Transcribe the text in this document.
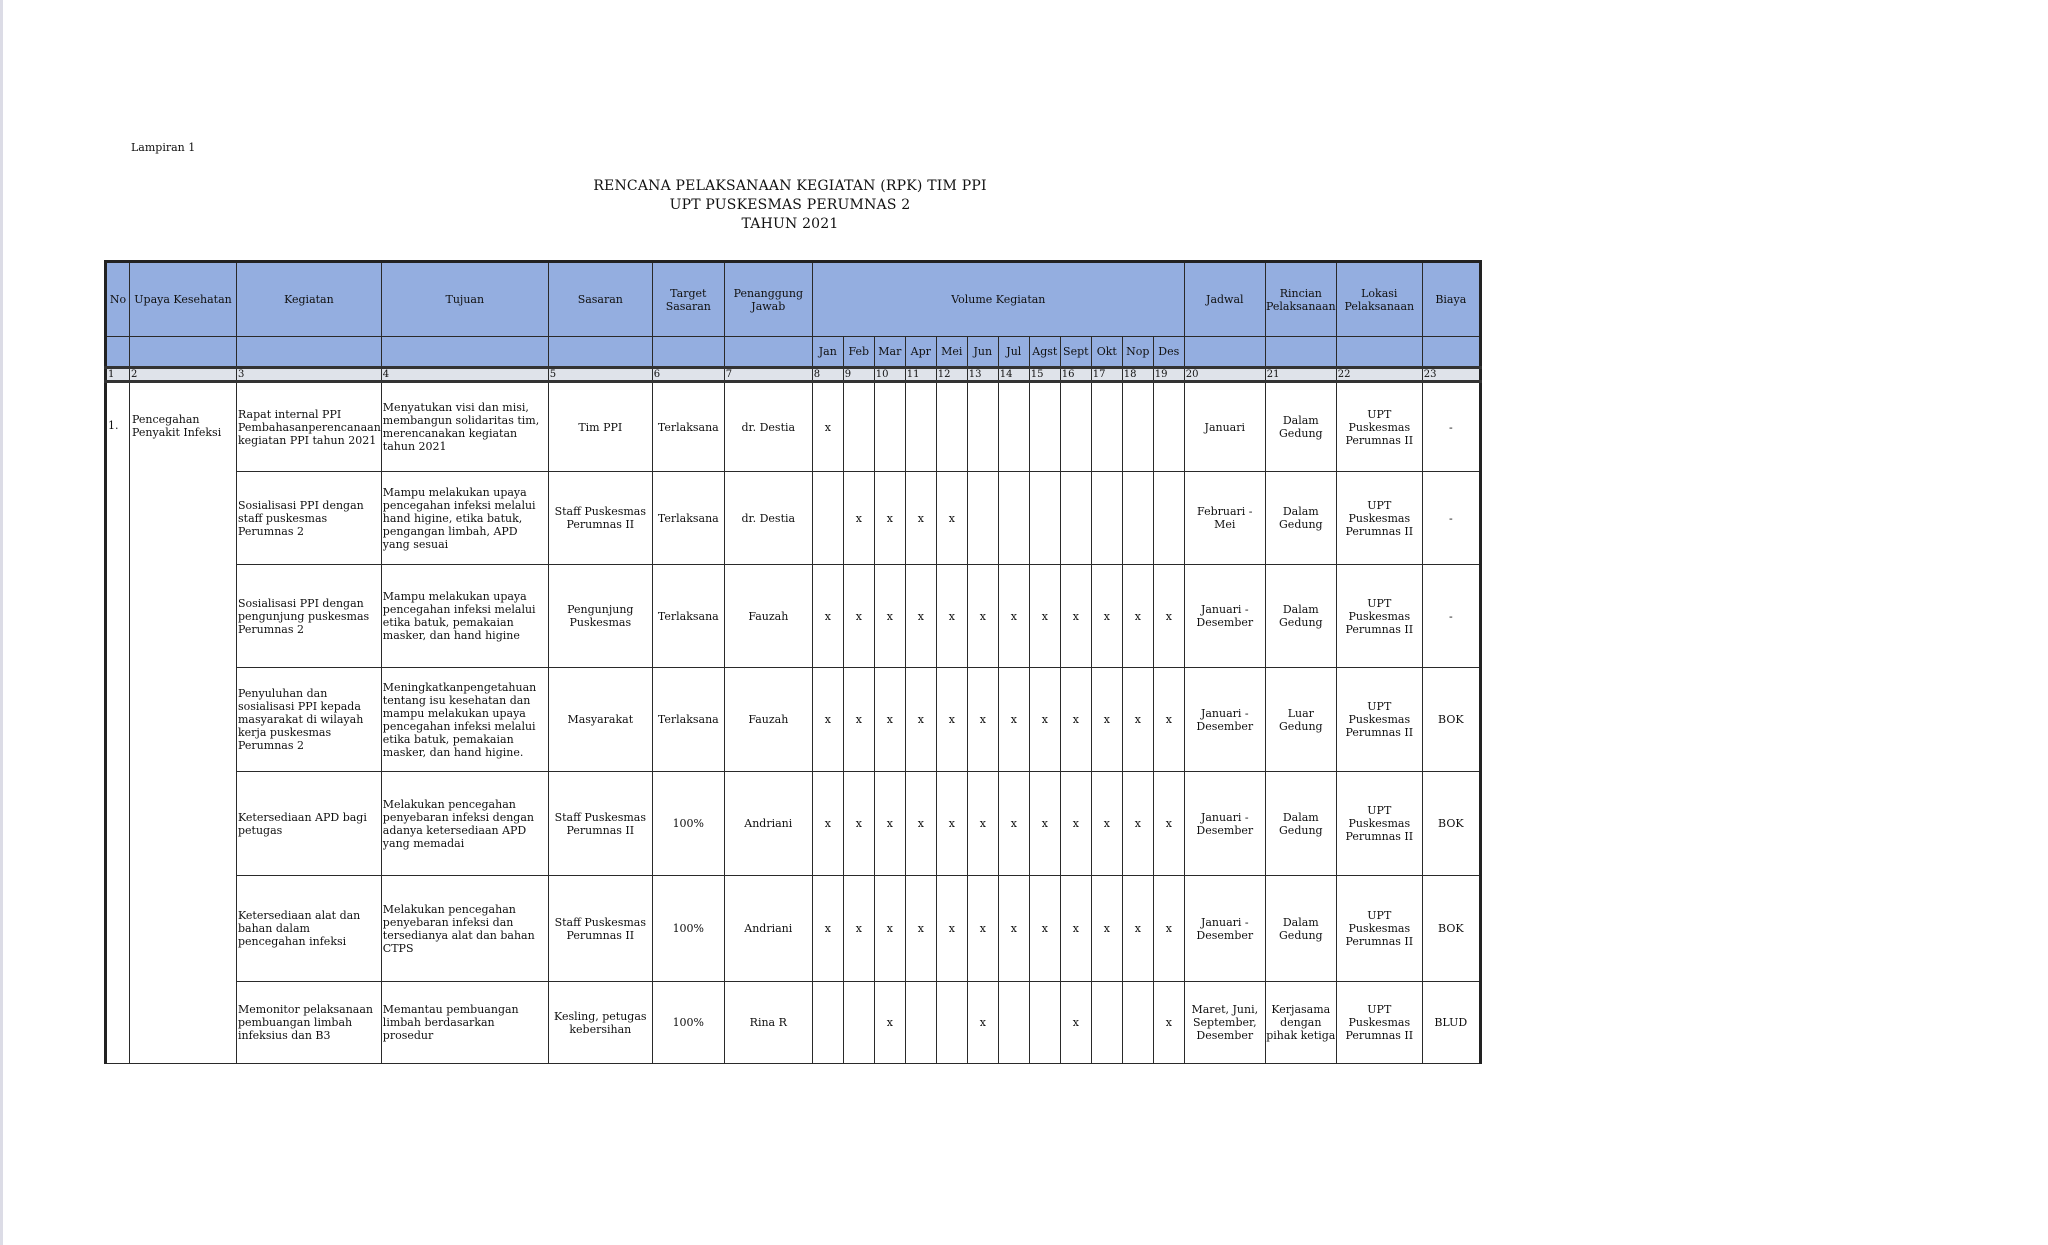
Lampiran 1
RENCANA PELAKSANAAN KEGIATAN (RPK) TIM PPI
UPT PUSKESMAS PERUMNAS 2
TAHUN 2021
No	Upaya Kesehatan	Kegiatan	Tujuan	Sasaran	Target Sasaran	Penanggung Jawab	Volume Kegiatan												Jadwal	Rincian Pelaksanaan	Lokasi Pelaksanaan	Biaya
							Jan	Feb	Mar	Apr	Mei	Jun	Jul	Agst	Sept	Okt	Nop	Des				
1	2	3	4	5	6	7	8	9	10	11	12	13	14	15	16	17	18	19	20	21	22	23
1.	Pencegahan Penyakit Infeksi	Rapat internal PPI Pembahasanperencanaan kegiatan PPI tahun 2021	Menyatukan visi dan misi, membangun solidaritas tim, merencanakan kegiatan tahun 2021	Tim PPI	Terlaksana	dr. Destia	x												Januari	Dalam Gedung	UPT Puskesmas Perumnas II	-
		Sosialisasi PPI dengan staff puskesmas Perumnas 2	Mampu melakukan upaya pencegahan infeksi melalui hand higine, etika batuk, pengangan limbah, APD yang sesuai	Staff Puskesmas Perumnas II	Terlaksana	dr. Destia		x	x	x	x								Februari - Mei	Dalam Gedung	UPT Puskesmas Perumnas II	-
		Sosialisasi PPI dengan pengunjung puskesmas Perumnas 2	Mampu melakukan upaya pencegahan infeksi melalui etika batuk, pemakaian masker, dan hand higine	Pengunjung Puskesmas	Terlaksana	Fauzah	x	x	x	x	x	x	x	x	x	x	x	x	Januari - Desember	Dalam Gedung	UPT Puskesmas Perumnas II	-
		Penyuluhan dan sosialisasi PPI kepada masyarakat di wilayah kerja puskesmas Perumnas 2	Meningkatkanpengetahuan tentang isu kesehatan dan mampu melakukan upaya pencegahan infeksi melalui etika batuk, pemakaian masker, dan hand higine.	Masyarakat	Terlaksana	Fauzah	x	x	x	x	x	x	x	x	x	x	x	x	Januari - Desember	Luar Gedung	UPT Puskesmas Perumnas II	BOK
		Ketersediaan APD bagi petugas	Melakukan pencegahan penyebaran infeksi dengan adanya ketersediaan APD yang memadai	Staff Puskesmas Perumnas II	100%	Andriani	x	x	x	x	x	x	x	x	x	x	x	x	Januari - Desember	Dalam Gedung	UPT Puskesmas Perumnas II	BOK
		Ketersediaan alat dan bahan dalam pencegahan infeksi	Melakukan pencegahan penyebaran infeksi dan tersedianya alat dan bahan CTPS	Staff Puskesmas Perumnas II	100%	Andriani	x	x	x	x	x	x	x	x	x	x	x	x	Januari - Desember	Dalam Gedung	UPT Puskesmas Perumnas II	BOK
		Memonitor pelaksanaan pembuangan limbah infeksius dan B3	Memantau pembuangan limbah berdasarkan prosedur	Kesling, petugas kebersihan	100%	Rina R			x			x			x			x	Maret, Juni, September, Desember	Kerjasama dengan pihak ketiga	UPT Puskesmas Perumnas II	BLUD
